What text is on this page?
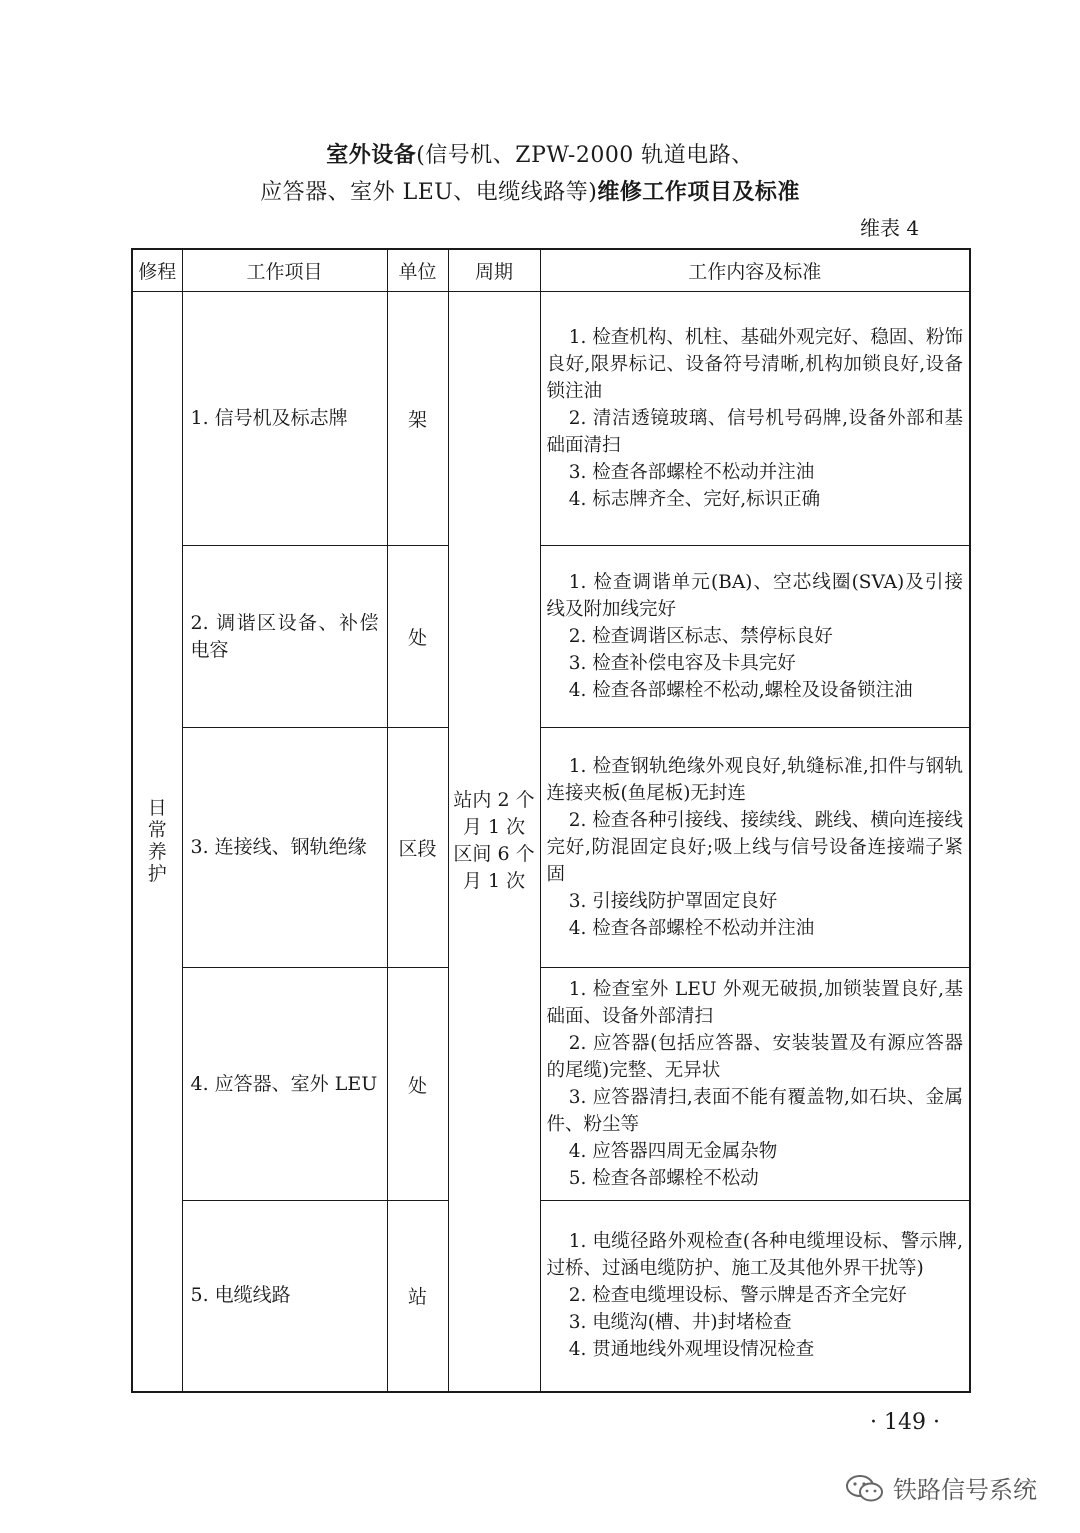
室外设备(信号机、ZPW-2000 轨道电路、
应答器、室外 LEU、电缆线路等)维修工作项目及标准
维表 4
修程	工作项目	单位	周期	工作内容及标准
日常养护	1. 信号机及标志牌	架	站内 2 个月 1 次 区间 6 个月 1 次	1. 检查机构、机柱、基础外观完好、稳固、粉饰良好,限界标记、设备符号清晰,机构加锁良好,设备锁注油
2. 清洁透镜玻璃、信号机号码牌,设备外部和基础面清扫
3. 检查各部螺栓不松动并注油
4. 标志牌齐全、完好,标识正确

	2. 调谐区设备、补偿电容	处		1. 检查调谐单元(BA)、空芯线圈(SVA)及引接线及附加线完好
2. 检查调谐区标志、禁停标良好
3. 检查补偿电容及卡具完好
4. 检查各部螺栓不松动,螺栓及设备锁注油

	3. 连接线、钢轨绝缘	区段		1. 检查钢轨绝缘外观良好,轨缝标准,扣件与钢轨连接夹板(鱼尾板)无封连
2. 检查各种引接线、接续线、跳线、横向连接线完好,防混固定良好;吸上线与信号设备连接端子紧固
3. 引接线防护罩固定良好
4. 检查各部螺栓不松动并注油

	4. 应答器、室外 LEU	处		1. 检查室外 LEU 外观无破损,加锁装置良好,基础面、设备外部清扫
2. 应答器(包括应答器、安装装置及有源应答器的尾缆)完整、无异状
3. 应答器清扫,表面不能有覆盖物,如石块、金属件、粉尘等
4. 应答器四周无金属杂物
5. 检查各部螺栓不松动

	5. 电缆线路	站		1. 电缆径路外观检查(各种电缆埋设标、警示牌,过桥、过涵电缆防护、施工及其他外界干扰等)
2. 检查电缆埋设标、警示牌是否齐全完好
3. 电缆沟(槽、井)封堵检查
4. 贯通地线外观埋设情况检查
· 149 ·
铁路信号系统
